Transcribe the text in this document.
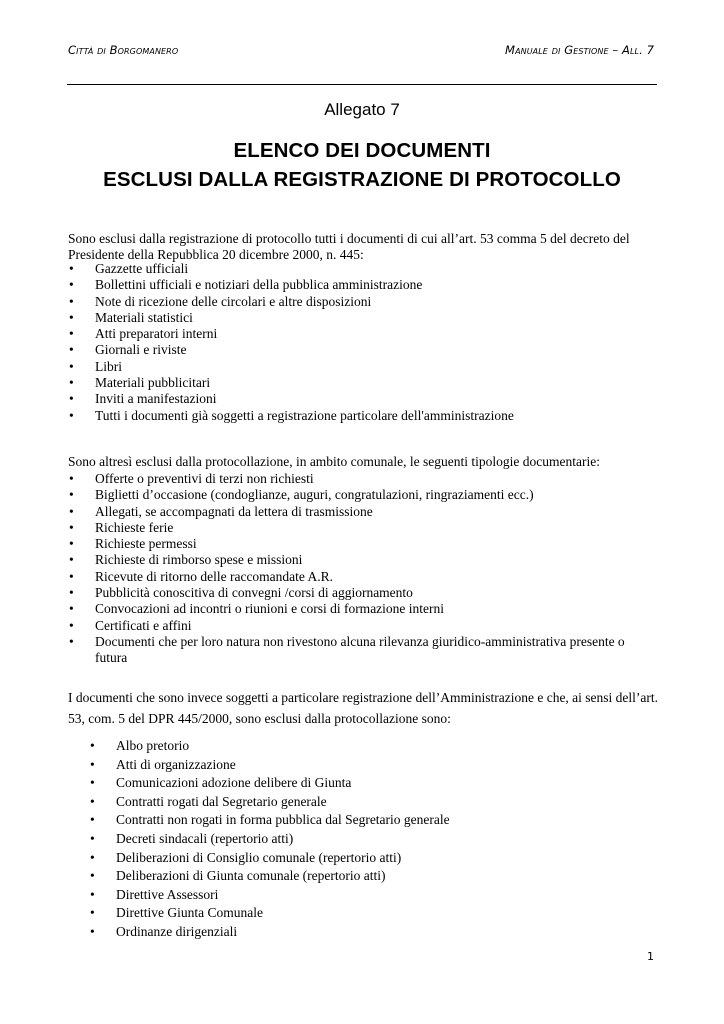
Città di Borgomanero	Manuale di Gestione – All. 7
Allegato 7
ELENCO DEI DOCUMENTI
ESCLUSI DALLA REGISTRAZIONE DI PROTOCOLLO
Sono esclusi dalla registrazione di protocollo tutti i documenti di cui all’art. 53 comma 5 del decreto del Presidente della Repubblica 20 dicembre 2000, n. 445:
• Gazzette ufficiali
• Bollettini ufficiali e notiziari della pubblica amministrazione
• Note di ricezione delle circolari e altre disposizioni
• Materiali statistici
• Atti preparatori interni
• Giornali e riviste
• Libri
• Materiali pubblicitari
• Inviti a manifestazioni
• Tutti i documenti già soggetti a registrazione particolare dell'amministrazione
Sono altresì esclusi dalla protocollazione, in ambito comunale, le seguenti tipologie documentarie:
• Offerte o preventivi di terzi non richiesti
• Biglietti d’occasione (condoglianze, auguri, congratulazioni, ringraziamenti ecc.)
• Allegati, se accompagnati da lettera di trasmissione
• Richieste ferie
• Richieste permessi
• Richieste di rimborso spese e missioni
• Ricevute di ritorno delle raccomandate A.R.
• Pubblicità conoscitiva di convegni /corsi di aggiornamento
• Convocazioni ad incontri o riunioni e corsi di formazione interni
• Certificati e affini
• Documenti che per loro natura non rivestono alcuna rilevanza giuridico-amministrativa presente o futura
I documenti che sono invece soggetti a particolare registrazione dell’Amministrazione e che, ai sensi dell’art. 53, com. 5 del DPR 445/2000, sono esclusi dalla protocollazione sono:
• Albo pretorio
• Atti di organizzazione
• Comunicazioni adozione delibere di Giunta
• Contratti rogati dal Segretario generale
• Contratti non rogati in forma pubblica dal Segretario generale
• Decreti sindacali (repertorio atti)
• Deliberazioni di Consiglio comunale (repertorio atti)
• Deliberazioni di Giunta comunale (repertorio atti)
• Direttive Assessori
• Direttive Giunta Comunale
• Ordinanze dirigenziali
1
